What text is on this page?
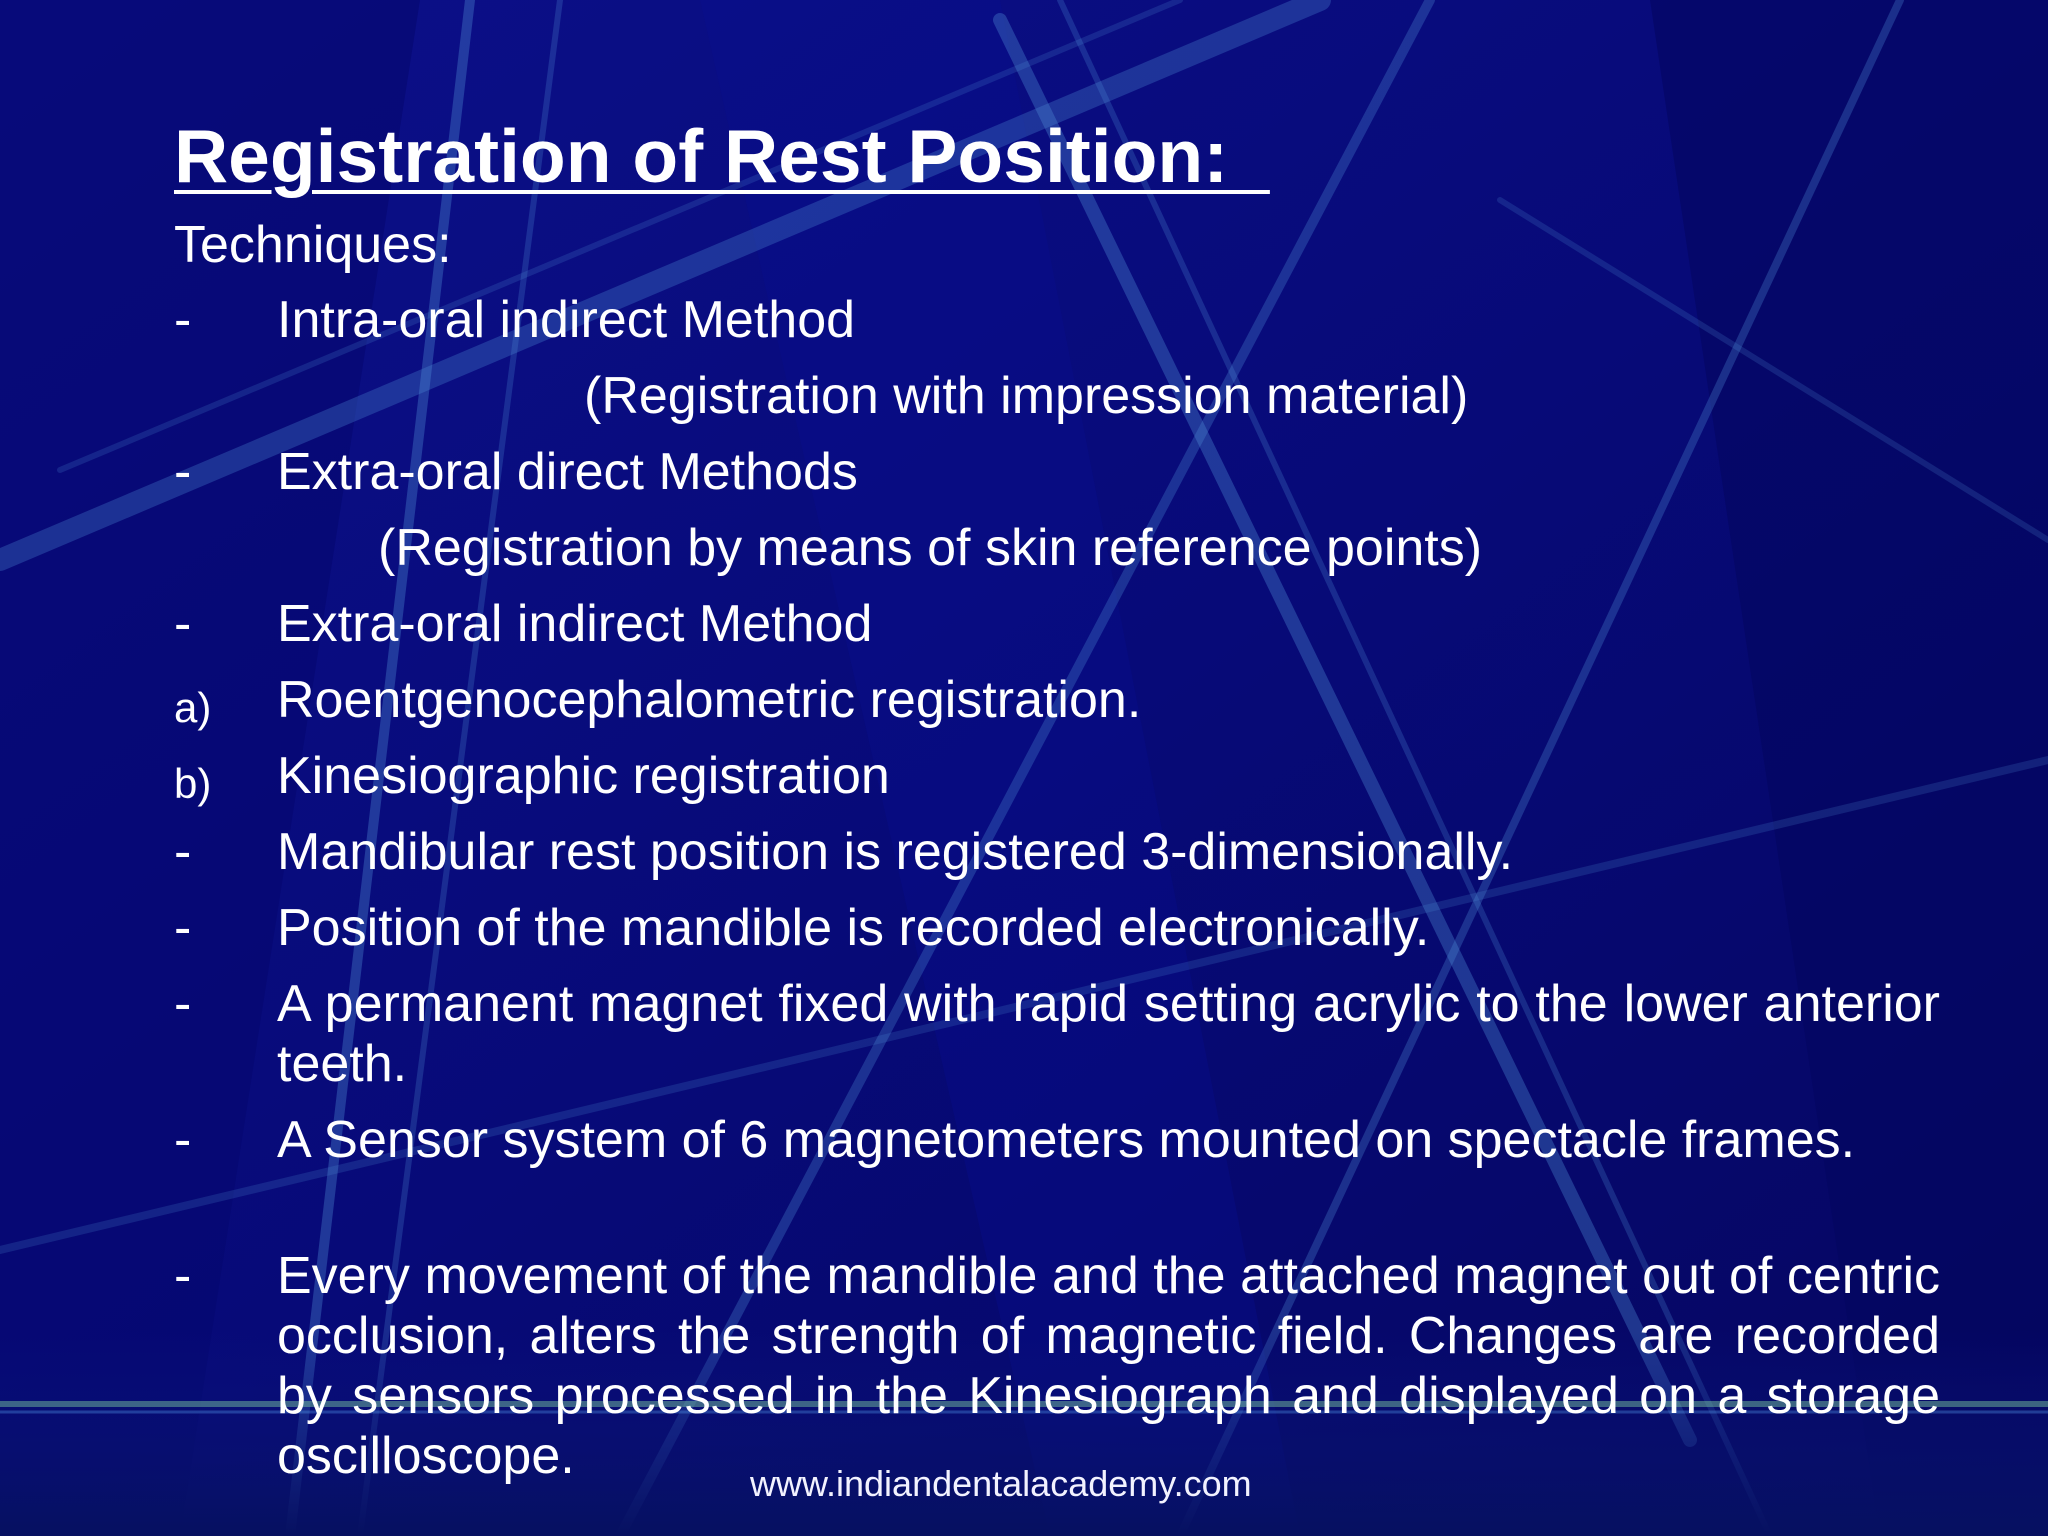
Registration of Rest Position:

Techniques:

-	Intra-oral indirect Method
(Registration with impression material)
-	Extra-oral direct Methods
(Registration by means of skin reference points)
-	Extra-oral indirect Method
a)	Roentgenocephalometric registration.
b)	Kinesiographic registration
-	Mandibular rest position is registered 3-dimensionally.
-	Position of the mandible is recorded electronically.
-	A permanent magnet fixed with rapid setting acrylic to the lower anterior teeth.
-	A Sensor system of 6 magnetometers mounted on spectacle frames.
-	Every movement of the mandible and the attached magnet out of centric occlusion, alters the strength of magnetic field. Changes are recorded by sensors processed in the Kinesiograph and displayed on a storage oscilloscope.	www.indiandentalacademy.com
